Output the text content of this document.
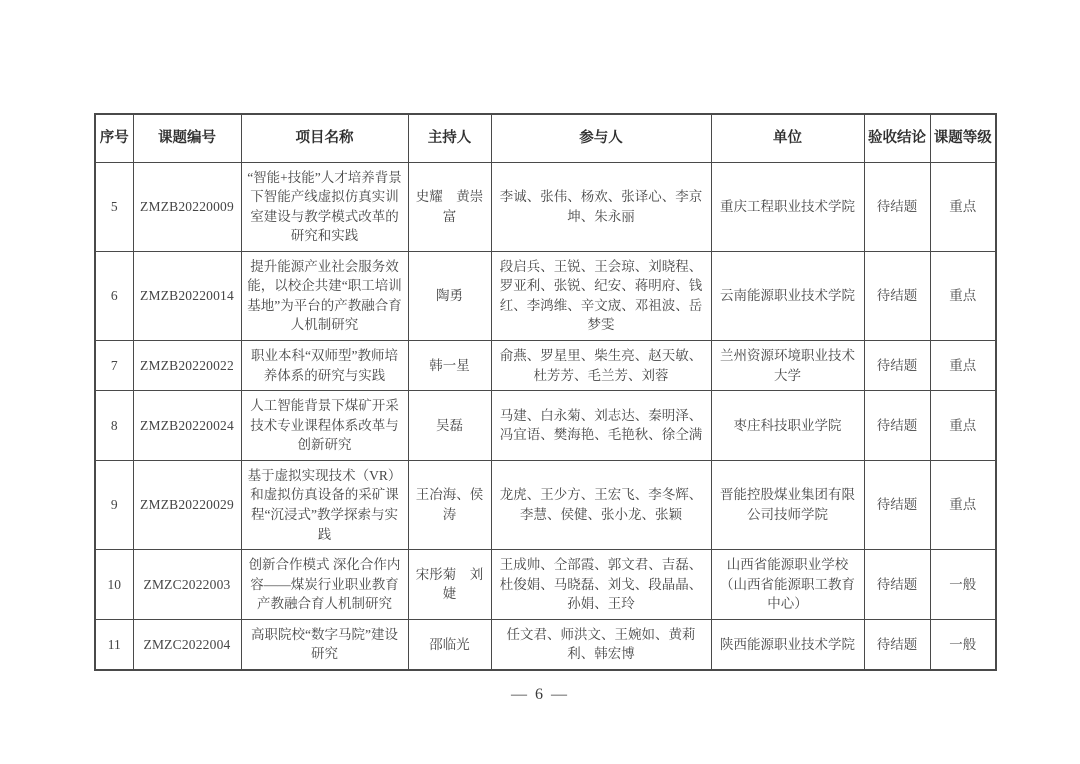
序号	课题编号	项目名称	主持人	参与人	单位	验收结论	课题等级
5	ZMZB20220009	“智能+技能”人才培养背景下智能产线虚拟仿真实训室建设与教学模式改革的研究和实践	史耀　黄崇富	李诚、张伟、杨欢、张译心、李京坤、朱永丽	重庆工程职业技术学院	待结题	重点
6	ZMZB20220014	提升能源产业社会服务效能，以校企共建“职工培训基地”为平台的产教融合育人机制研究	陶勇	段启兵、王锐、王会琼、刘晓程、罗亚利、张锐、纪安、蒋明府、钱红、李鸿维、辛文宬、邓祖波、岳梦雯	云南能源职业技术学院	待结题	重点
7	ZMZB20220022	职业本科“双师型”教师培养体系的研究与实践	韩一星	俞燕、罗星里、柴生亮、赵天敏、杜芳芳、毛兰芳、刘蓉	兰州资源环境职业技术大学	待结题	重点
8	ZMZB20220024	人工智能背景下煤矿开采技术专业课程体系改革与创新研究	吴磊	马建、白永菊、刘志达、秦明泽、冯宜语、樊海艳、毛艳秋、徐仝满	枣庄科技职业学院	待结题	重点
9	ZMZB20220029	基于虚拟实现技术（VR）和虚拟仿真设备的采矿课程“沉浸式”教学探索与实践	王冶海、侯涛	龙虎、王少方、王宏飞、李冬辉、李慧、侯健、张小龙、张颖	晋能控股煤业集团有限公司技师学院	待结题	重点
10	ZMZC2022003	创新合作模式 深化合作内容——煤炭行业职业教育产教融合育人机制研究	宋彤菊　刘婕	王成帅、仝部霞、郭文君、吉磊、杜俊娟、马晓磊、刘戈、段晶晶、孙娟、王玲	山西省能源职业学校（山西省能源职工教育中心）	待结题	一般
11	ZMZC2022004	高职院校“数字马院”建设研究	邵临光	任文君、师洪文、王婉如、黄莉利、韩宏博	陕西能源职业技术学院	待结题	一般
— 6 —
